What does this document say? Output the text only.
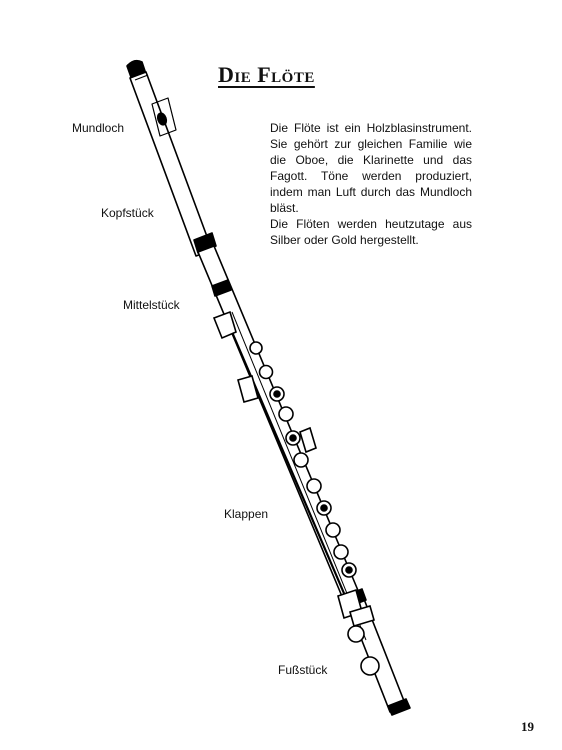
Die Flöte
Mundloch
Kopfstück
Mittelstück
Klappen
Fußstück

Die Flöte ist ein Holzblasinstrument. Sie gehört zur gleichen Familie wie die Oboe, die Klarinette und das Fagott. Töne werden produziert, indem man Luft durch das Mundloch bläst.

Die Flöten werden heutzutage aus Silber oder Gold hergestellt.

19
